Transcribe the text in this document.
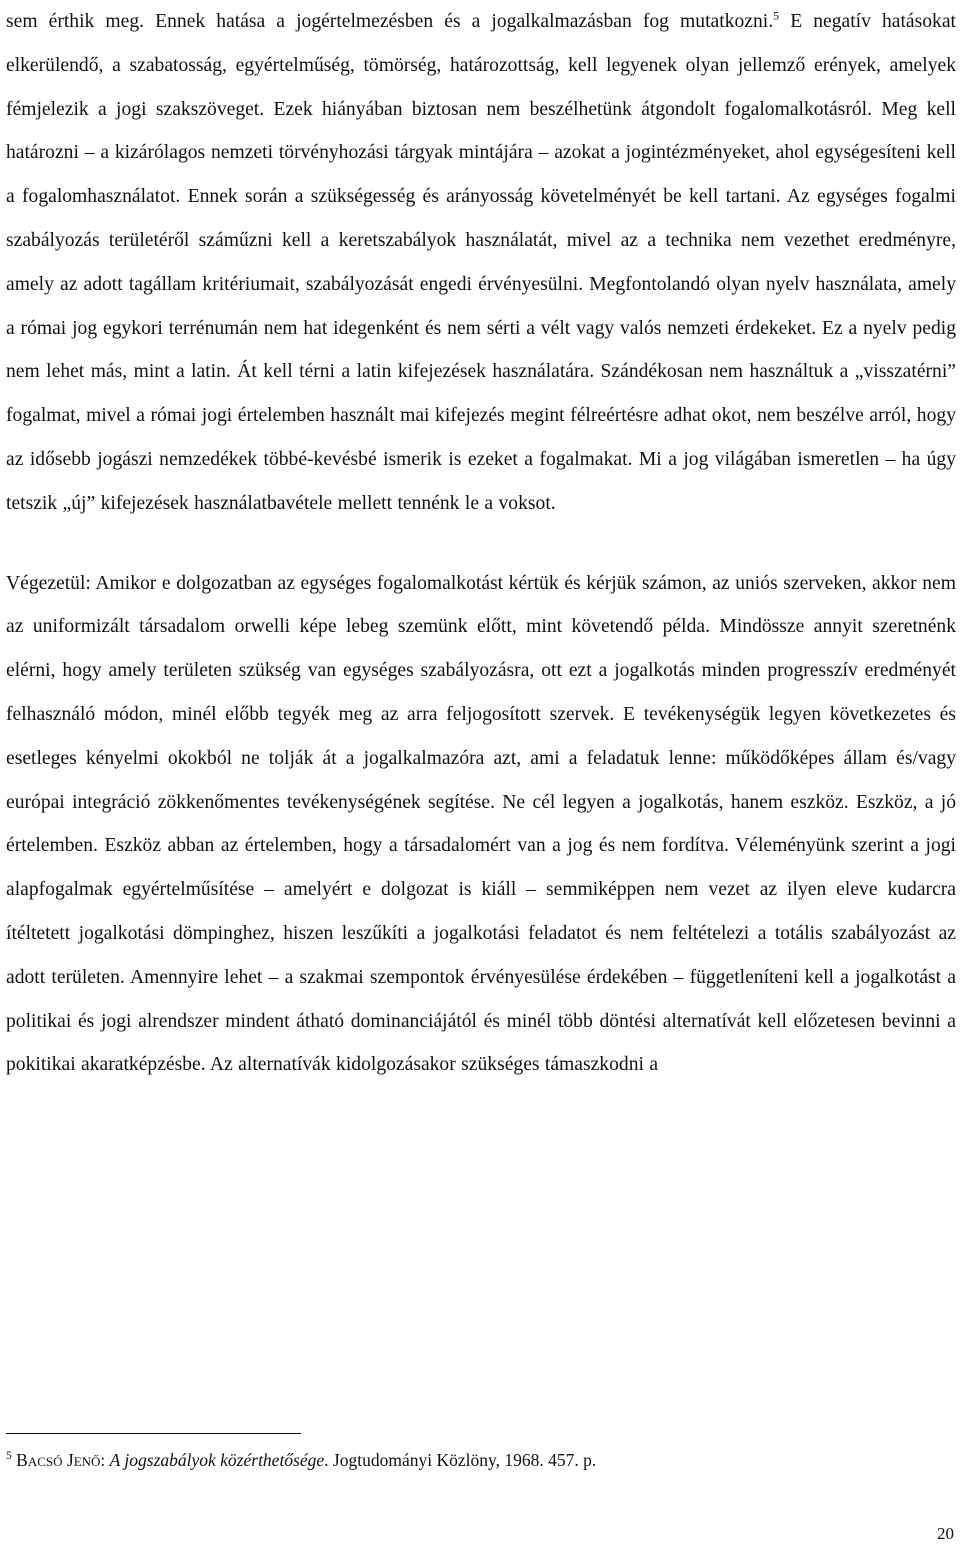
sem érthik meg. Ennek hatása a jogértelmezésben és a jogalkalmazásban fog mutatkozni.$^5$ E negatív hatásokat elkerülendő, a szabatosság, egyértelműség, tömörség, határozottság, kell legyenek olyan jellemző erények, amelyek fémjelezik a jogi szakszöveget. Ezek hiányában biztosan nem beszélhetünk átgondolt fogalomalkotásról. Meg kell határozni – a kizárólagos nemzeti törvényhozási tárgyak mintájára – azokat a jogintézményeket, ahol egységesíteni kell a fogalomhasználatot. Ennek során a szükségesség és arányosság követelményét be kell tartani. Az egységes fogalmi szabályozás területéről száműzni kell a keretszabályok használatát, mivel az a technika nem vezethet eredményre, amely az adott tagállam kritériumait, szabályozását engedi érvényesülni. Megfontolandó olyan nyelv használata, amely a római jog egykori terrénumán nem hat idegenként és nem sérti a vélt vagy valós nemzeti érdekeket. Ez a nyelv pedig nem lehet más, mint a latin. Át kell térni a latin kifejezések használatára. Szándékosan nem használtuk a „visszatérni” fogalmat, mivel a római jogi értelemben használt mai kifejezés megint félreértésre adhat okot, nem beszélve arról, hogy az idősebb jogászi nemzedékek többé-kevésbé ismerik is ezeket a fogalmakat. Mi a jog világában ismeretlen – ha úgy tetszik „új” kifejezések használatbavétele mellett tennénk le a voksot.

Végezetül: Amikor e dolgozatban az egységes fogalomalkotást kértük és kérjük számon, az uniós szerveken, akkor nem az uniformizált társadalom orwelli képe lebeg szemünk előtt, mint követendő példa. Mindössze annyit szeretnénk elérni, hogy amely területen szükség van egységes szabályozásra, ott ezt a jogalkotás minden progresszív eredményét felhasználó módon, minél előbb tegyék meg az arra feljogosított szervek. E tevékenységük legyen következetes és esetleges kényelmi okokból ne tolják át a jogalkalmazóra azt, ami a feladatuk lenne: működőképes állam és/vagy európai integráció zökkenőmentes tevékenységének segítése. Ne cél legyen a jogalkotás, hanem eszköz. Eszköz, a jó értelemben. Eszköz abban az értelemben, hogy a társadalomért van a jog és nem fordítva. Véleményünk szerint a jogi alapfogalmak egyértelműsítése – amelyért e dolgozat is kiáll – semmiképpen nem vezet az ilyen eleve kudarcra ítéltetett jogalkotási dömpinghez, hiszen leszűkíti a jogalkotási feladatot és nem feltételezi a totális szabályozást az adott területen. Amennyire lehet – a szakmai szempontok érvényesülése érdekében – függetleníteni kell a jogalkotást a politikai és jogi alrendszer mindent átható dominanciájától és minél több döntési alternatívát kell előzetesen bevinni a pokitikai akaratképzésbe. Az alternatívák kidolgozásakor szükséges támaszkodni a

$^5$ BACSÓ JENŐ: A jogszabályok közérthetősége. Jogtudományi Közlöny, 1968. 457. p.
20
